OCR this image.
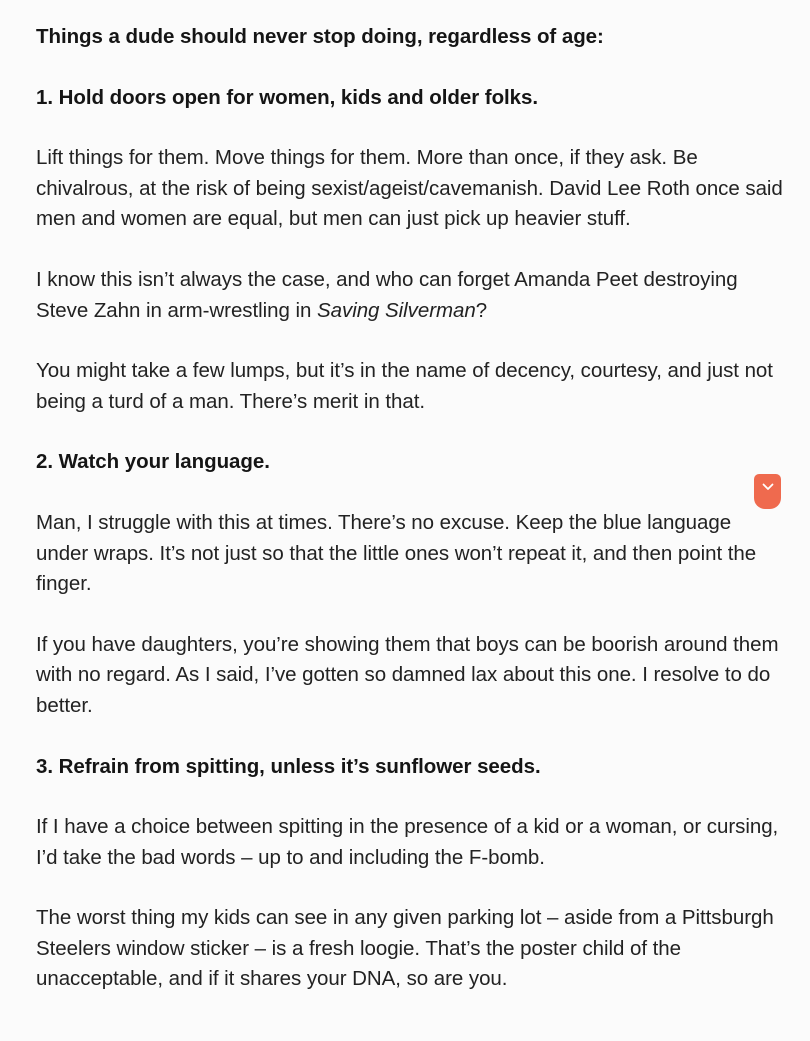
Things a dude should never stop doing, regardless of age:

1. Hold doors open for women, kids and older folks.

Lift things for them. Move things for them. More than once, if they ask. Be chivalrous, at the risk of being sexist/ageist/cavemanish. David Lee Roth once said men and women are equal, but men can just pick up heavier stuff.

I know this isn’t always the case, and who can forget Amanda Peet destroying Steve Zahn in arm-wrestling in Saving Silverman?

You might take a few lumps, but it’s in the name of decency, courtesy, and just not being a turd of a man. There’s merit in that.

2. Watch your language.

Man, I struggle with this at times. There’s no excuse. Keep the blue language under wraps. It’s not just so that the little ones won’t repeat it, and then point the finger.

If you have daughters, you’re showing them that boys can be boorish around them with no regard. As I said, I’ve gotten so damned lax about this one. I resolve to do better.

3. Refrain from spitting, unless it’s sunflower seeds.

If I have a choice between spitting in the presence of a kid or a woman, or cursing, I’d take the bad words – up to and including the F-bomb.

The worst thing my kids can see in any given parking lot – aside from a Pittsburgh Steelers window sticker – is a fresh loogie. That’s the poster child of the unacceptable, and if it shares your DNA, so are you.
